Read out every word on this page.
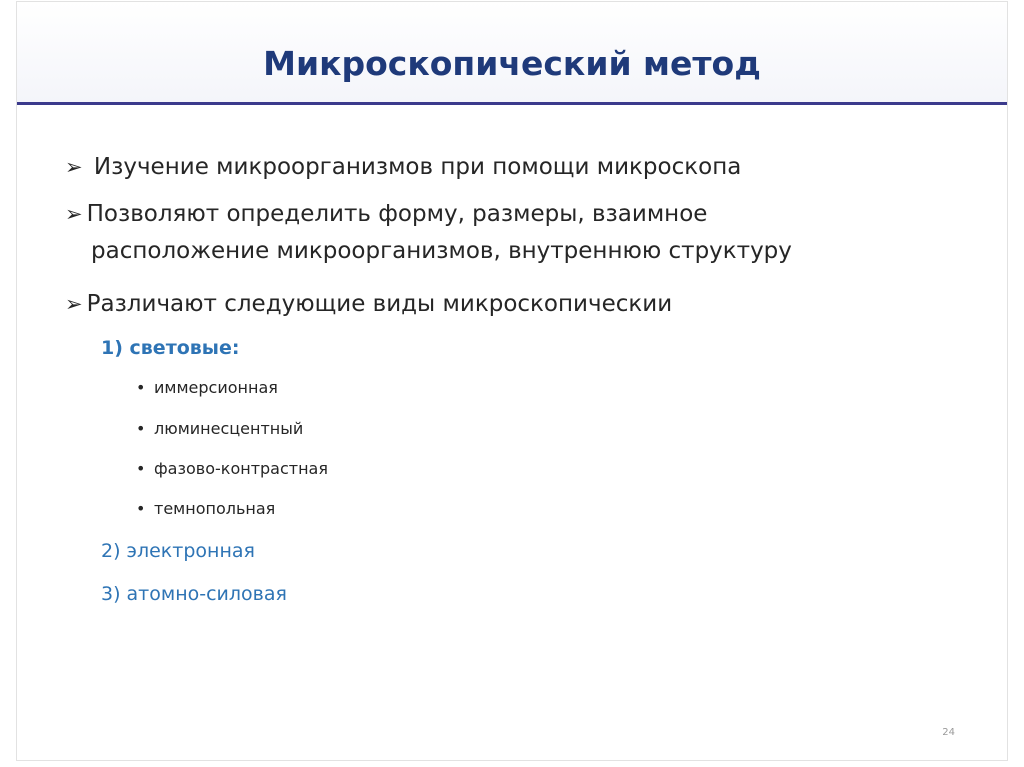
Микроскопический метод
➢ Изучение микроорганизмов при помощи микроскопа
➢ Позволяют определить форму, размеры, взаимное
расположение микроорганизмов, внутреннюю структуру
➢ Различают следующие виды микроскопическии
1) световые:
• иммерсионная
• люминесцентный
• фазово-контрастная
• темнопольная
2) электронная
3) атомно-силовая
24
